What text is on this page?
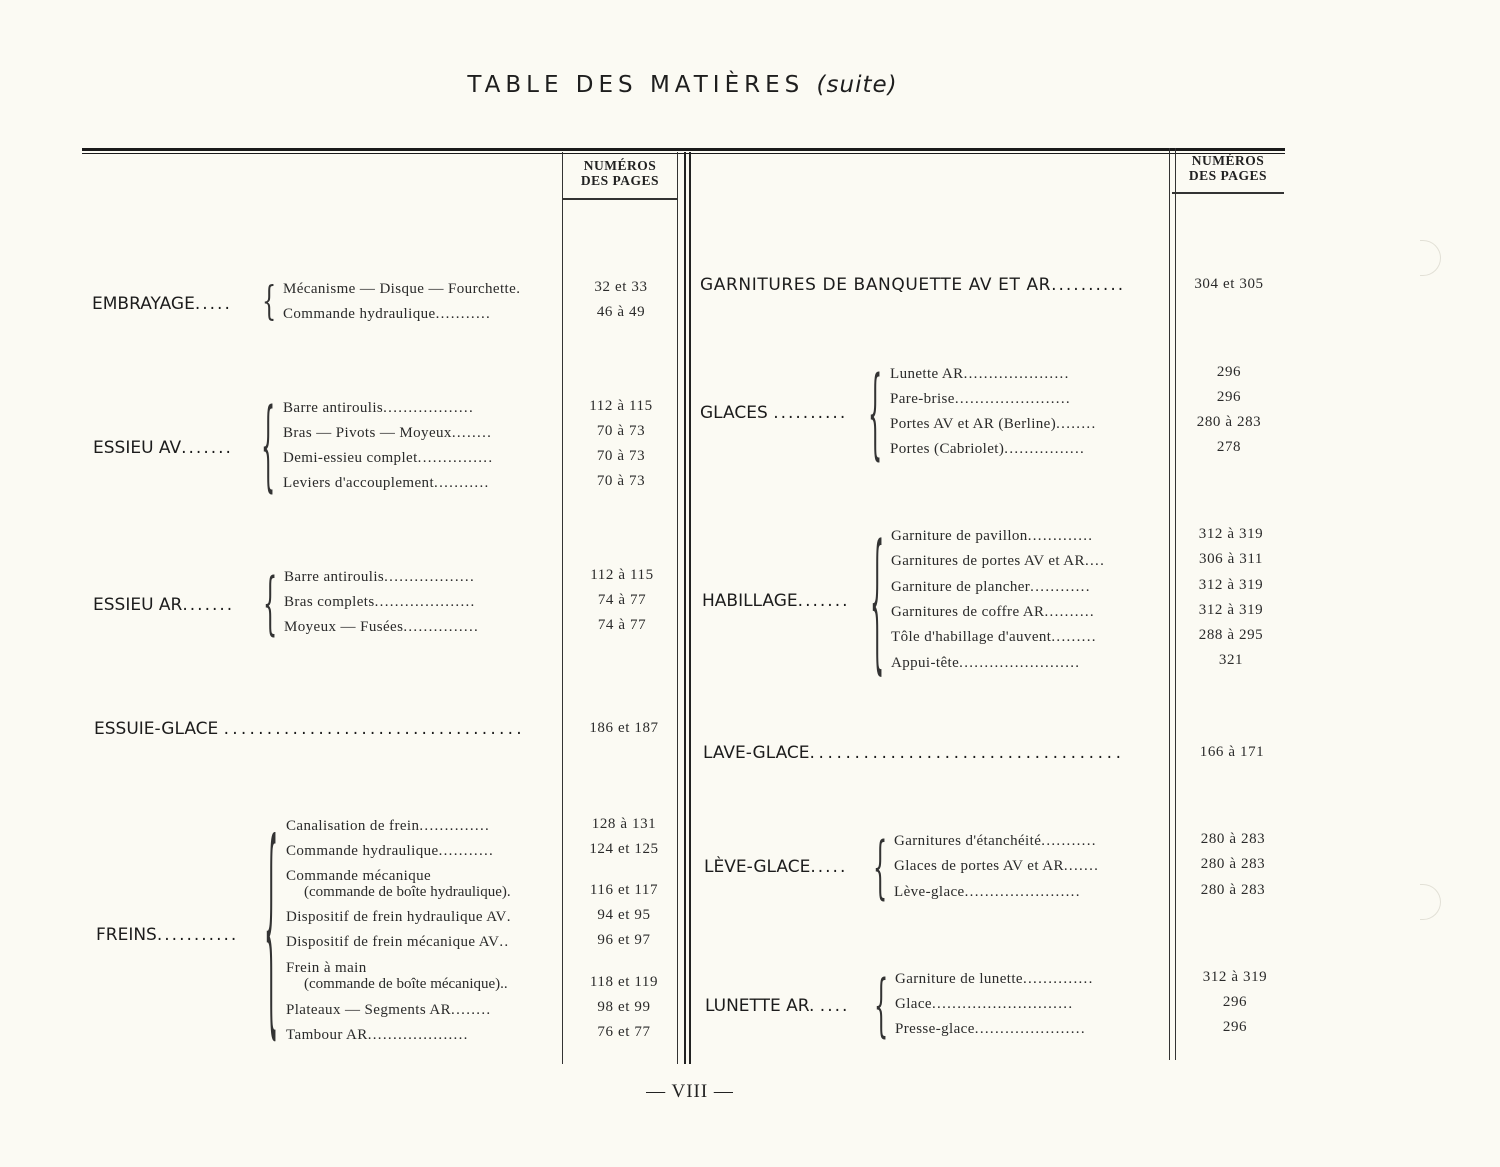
TABLE DES MATIÈRES (suite)
NUMÉROS
DES PAGES
NUMÉROS
DES PAGES
EMBRAYAGE..... { Mécanisme — Disque — Fourchette.	32 et 33
Commande hydraulique...........	46 à 49
ESSIEU AV....... { Barre antiroulis..................	112 à 115
Bras — Pivots — Moyeux........	70 à 73
Demi-essieu complet...............	70 à 73
Leviers d'accouplement...........	70 à 73
ESSIEU AR....... { Barre antiroulis..................	112 à 115
Bras complets....................	74 à 77
Moyeux — Fusées...............	74 à 77
ESSUIE-GLACE ...................................	186 et 187
FREINS........... { Canalisation de frein..............	128 à 131
Commande hydraulique...........	124 et 125
Commande mécanique
(commande de boîte hydraulique).	116 et 117
Dispositif de frein hydraulique AV.	94 et 95
Dispositif de frein mécanique AV..	96 et 97
Frein à main
(commande de boîte mécanique)..	118 et 119
Plateaux — Segments AR........	98 et 99
Tambour AR....................	76 et 77
GARNITURES DE BANQUETTE AV ET AR..........	304 et 305
GLACES .......... { Lunette AR.....................	296
Pare-brise.......................	296
Portes AV et AR (Berline)........	280 à 283
Portes (Cabriolet)................	278
HABILLAGE....... { Garniture de pavillon.............	312 à 319
Garnitures de portes AV et AR....	306 à 311
Garniture de plancher............	312 à 319
Garnitures de coffre AR..........	312 à 319
Tôle d'habillage d'auvent.........	288 à 295
Appui-tête........................	321
LAVE-GLACE...................................	166 à 171
LÈVE-GLACE..... { Garnitures d'étanchéité...........	280 à 283
Glaces de portes AV et AR.......	280 à 283
Lève-glace.......................	280 à 283
LUNETTE AR. .... { Garniture de lunette..............	312 à 319
Glace............................	296
Presse-glace......................	296
— VIII —
